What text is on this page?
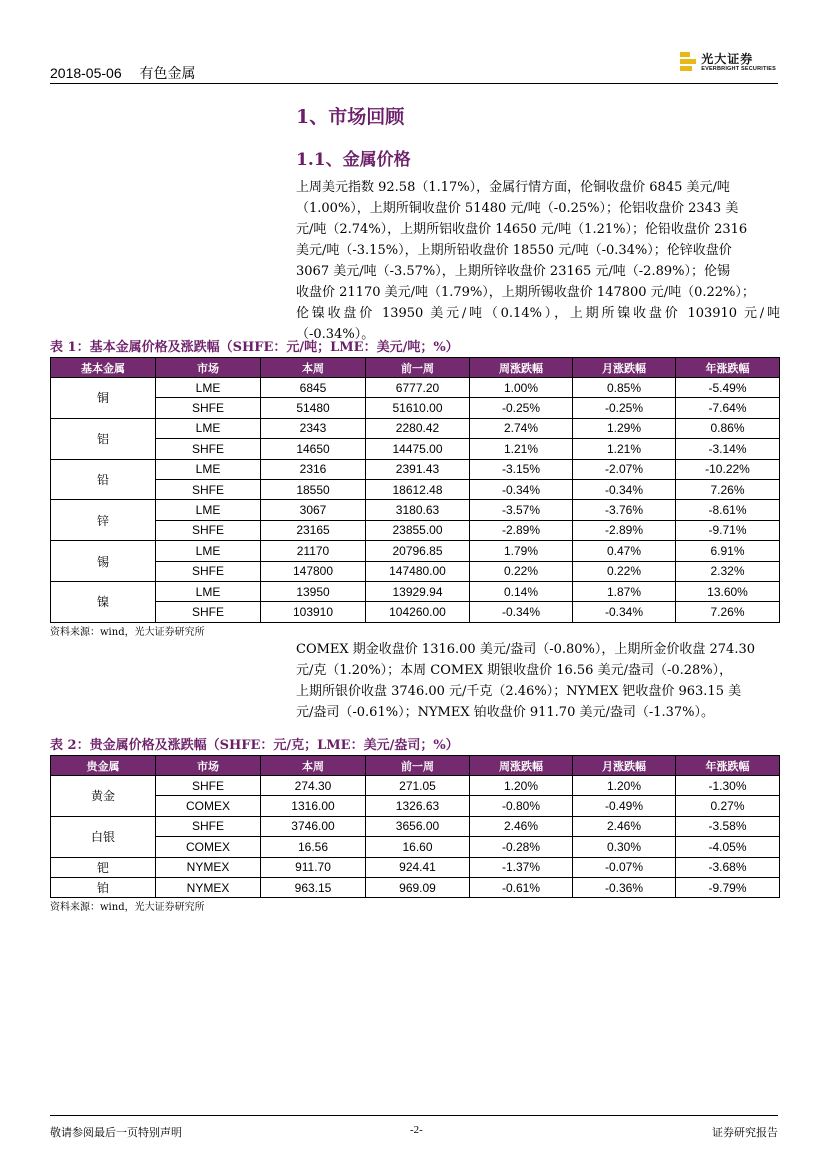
2018-05-06 有色金属
光大证券
EVERBRIGHT SECURITIES
1、市场回顾
1.1、金属价格
上周美元指数 92.58（1.17%），金属行情方面，伦铜收盘价 6845 美元/吨
（1.00%），上期所铜收盘价 51480 元/吨（-0.25%）；伦铝收盘价 2343 美
元/吨（2.74%），上期所铝收盘价 14650 元/吨（1.21%）；伦铅收盘价 2316
美元/吨（-3.15%），上期所铅收盘价 18550 元/吨（-0.34%）；伦锌收盘价
3067 美元/吨（-3.57%），上期所锌收盘价 23165 元/吨（-2.89%）；伦锡
收盘价 21170 美元/吨（1.79%），上期所锡收盘价 147800 元/吨（0.22%）；
伦镍收盘价 13950 美元/吨（0.14%），上期所镍收盘价 103910 元/吨（-0.34%）。
表 1：基本金属价格及涨跌幅（SHFE：元/吨；LME：美元/吨；%）
基本金属	市场	本周	前一周	周涨跌幅	月涨跌幅	年涨跌幅
铜	LME	6845	6777.20	1.00%	0.85%	-5.49%
	SHFE	51480	51610.00	-0.25%	-0.25%	-7.64%
铝	LME	2343	2280.42	2.74%	1.29%	0.86%
	SHFE	14650	14475.00	1.21%	1.21%	-3.14%
铅	LME	2316	2391.43	-3.15%	-2.07%	-10.22%
	SHFE	18550	18612.48	-0.34%	-0.34%	7.26%
锌	LME	3067	3180.63	-3.57%	-3.76%	-8.61%
	SHFE	23165	23855.00	-2.89%	-2.89%	-9.71%
锡	LME	21170	20796.85	1.79%	0.47%	6.91%
	SHFE	147800	147480.00	0.22%	0.22%	2.32%
镍	LME	13950	13929.94	0.14%	1.87%	13.60%
	SHFE	103910	104260.00	-0.34%	-0.34%	7.26%
资料来源：wind，光大证券研究所
COMEX 期金收盘价 1316.00 美元/盎司（-0.80%），上期所金价收盘 274.30
元/克（1.20%）；本周 COMEX 期银收盘价 16.56 美元/盎司（-0.28%），
上期所银价收盘 3746.00 元/千克（2.46%）；NYMEX 钯收盘价 963.15 美
元/盎司（-0.61%）；NYMEX 铂收盘价 911.70 美元/盎司（-1.37%）。
表 2：贵金属价格及涨跌幅（SHFE：元/克；LME：美元/盎司；%）
贵金属	市场	本周	前一周	周涨跌幅	月涨跌幅	年涨跌幅
黄金	SHFE	274.30	271.05	1.20%	1.20%	-1.30%
	COMEX	1316.00	1326.63	-0.80%	-0.49%	0.27%
白银	SHFE	3746.00	3656.00	2.46%	2.46%	-3.58%
	COMEX	16.56	16.60	-0.28%	0.30%	-4.05%
钯	NYMEX	911.70	924.41	-1.37%	-0.07%	-3.68%
铂	NYMEX	963.15	969.09	-0.61%	-0.36%	-9.79%
资料来源：wind，光大证券研究所
敬请参阅最后一页特别声明	-2-	证券研究报告
